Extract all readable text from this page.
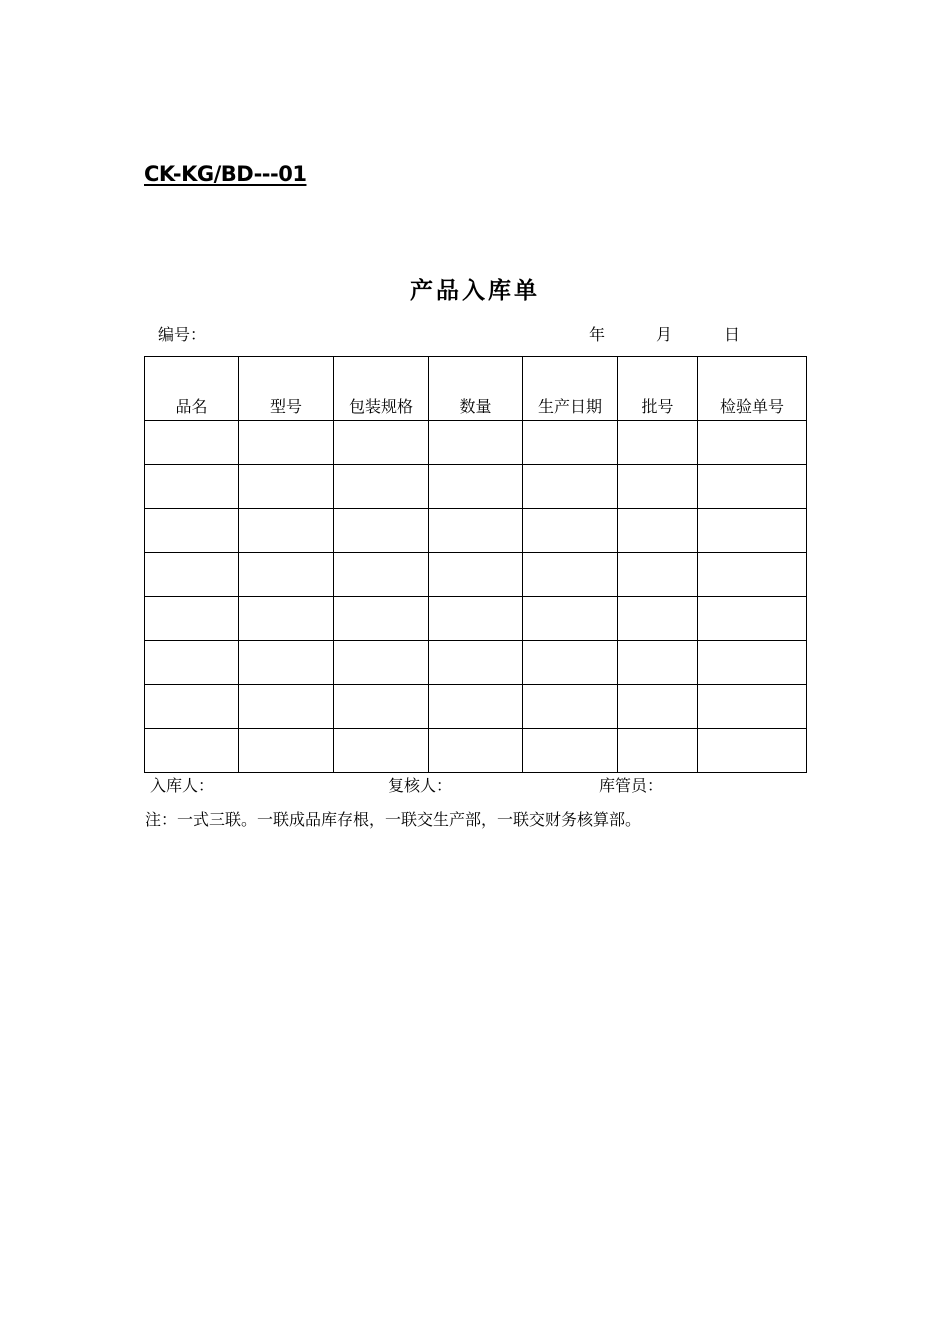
CK-KG/BD---01
产品入库单
编号：	年	月	日
品名	型号	包装规格	数量	生产日期	批号	检验单号

入库人：	复核人：	库管员：
注：一式三联。一联成品库存根，一联交生产部，一联交财务核算部。
